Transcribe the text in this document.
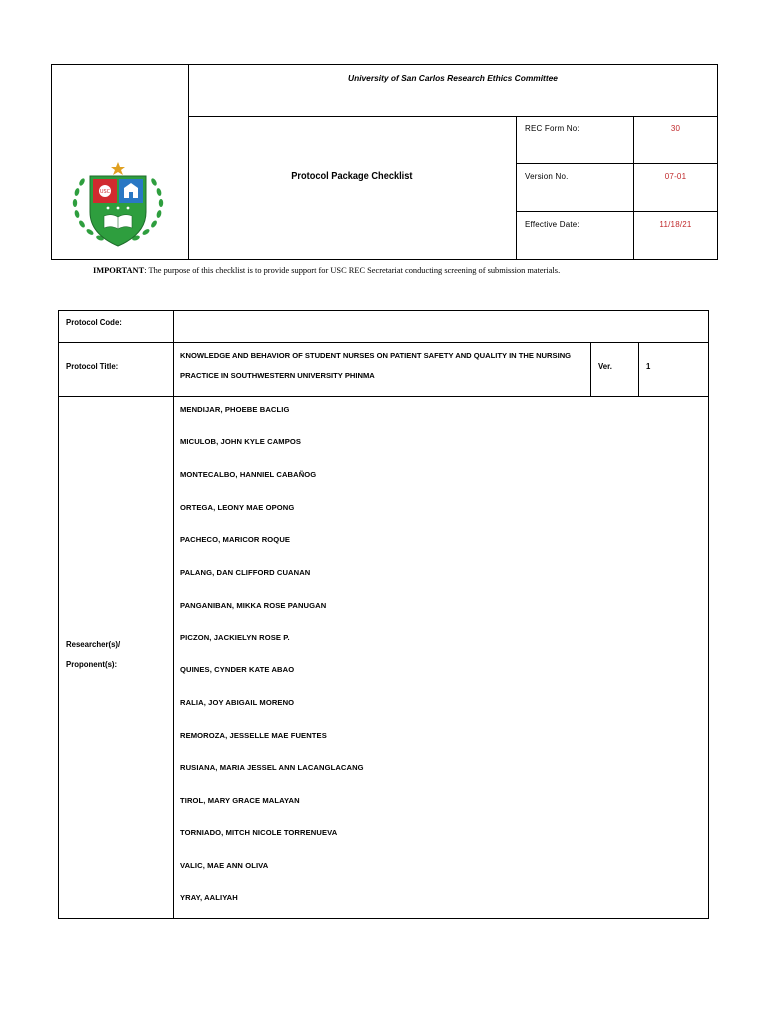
USC
University of San Carlos Research Ethics Committee
Protocol Package Checklist
REC Form No:	30
Version No.	07-01
Effective Date:	11/18/21
IMPORTANT: The purpose of this checklist is to provide support for USC REC Secretariat conducting screening of submission materials.
Protocol Code:
Protocol Title:
KNOWLEDGE AND BEHAVIOR OF STUDENT NURSES ON PATIENT SAFETY AND QUALITY IN THE NURSING
PRACTICE IN SOUTHWESTERN UNIVERSITY PHINMA
Ver.	1
Researcher(s)/
Proponent(s):
MENDIJAR, PHOEBE BACLIG
MICULOB, JOHN KYLE CAMPOS
MONTECALBO, HANNIEL CABAÑOG
ORTEGA, LEONY MAE OPONG
PACHECO, MARICOR ROQUE
PALANG, DAN CLIFFORD CUANAN
PANGANIBAN, MIKKA ROSE PANUGAN
PICZON, JACKIELYN ROSE P.
QUINES, CYNDER KATE ABAO
RALIA, JOY ABIGAIL MORENO
REMOROZA, JESSELLE MAE FUENTES
RUSIANA, MARIA JESSEL ANN LACANGLACANG
TIROL, MARY GRACE MALAYAN
TORNIADO, MITCH NICOLE TORRENUEVA
VALIC, MAE ANN OLIVA
YRAY, AALIYAH
